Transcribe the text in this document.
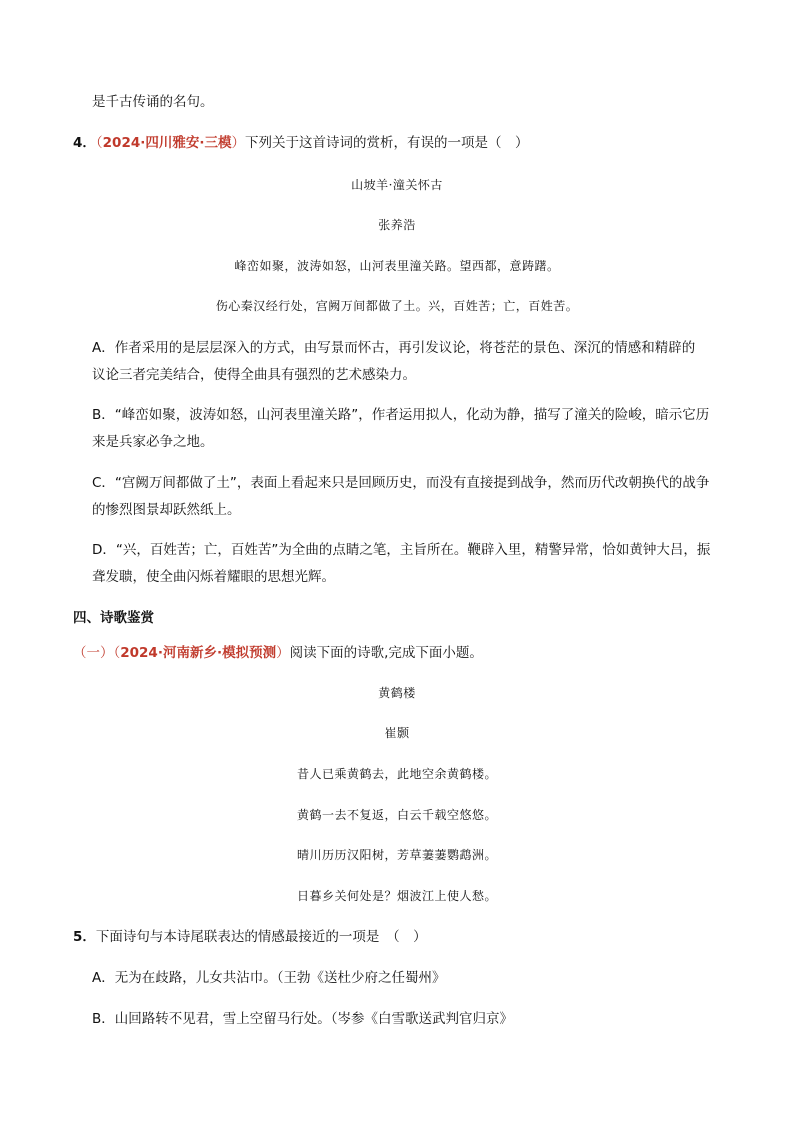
是千古传诵的名句。
4．（2024·四川雅安·三模）下列关于这首诗词的赏析，有误的一项是（　）
山坡羊·潼关怀古
张养浩
峰峦如聚，波涛如怒，山河表里潼关路。望西都，意踌躇。
伤心秦汉经行处，宫阙万间都做了土。兴，百姓苦；亡，百姓苦。
A．作者采用的是层层深入的方式，由写景而怀古，再引发议论，将苍茫的景色、深沉的情感和精辟的
议论三者完美结合，使得全曲具有强烈的艺术感染力。
B．“峰峦如聚，波涛如怒，山河表里潼关路”，作者运用拟人，化动为静，描写了潼关的险峻，暗示它历
来是兵家必争之地。
C．“宫阙万间都做了土”，表面上看起来只是回顾历史，而没有直接提到战争，然而历代改朝换代的战争
的惨烈图景却跃然纸上。
D．“兴，百姓苦；亡，百姓苦”为全曲的点睛之笔，主旨所在。鞭辟入里，精警异常，恰如黄钟大吕，振
聋发聩，使全曲闪烁着耀眼的思想光辉。
四、诗歌鉴赏
（一）（2024·河南新乡·模拟预测）阅读下面的诗歌,完成下面小题。
黄鹤楼
崔颢
昔人已乘黄鹤去，此地空余黄鹤楼。
黄鹤一去不复返，白云千载空悠悠。
晴川历历汉阳树，芳草萋萋鹦鹉洲。
日暮乡关何处是？烟波江上使人愁。
5．下面诗句与本诗尾联表达的情感最接近的一项是　（　）
A．无为在歧路，儿女共沾巾。（王勃《送杜少府之任蜀州》
B．山回路转不见君，雪上空留马行处。（岑参《白雪歌送武判官归京》
